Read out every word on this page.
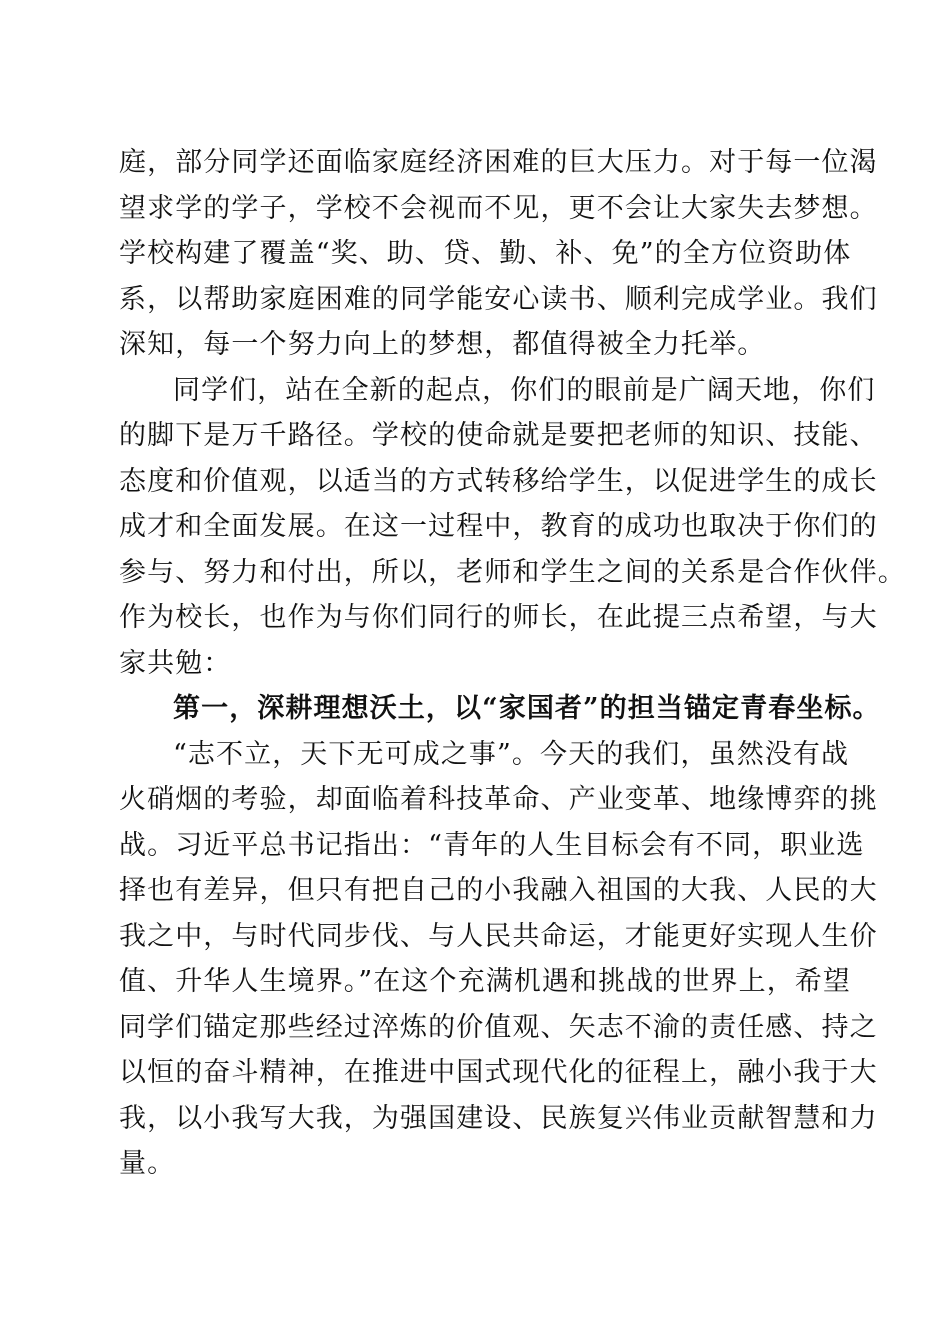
庭，部分同学还面临家庭经济困难的巨大压力。对于每一位渴

望求学的学子，学校不会视而不见，更不会让大家失去梦想。

学校构建了覆盖“奖、助、贷、勤、补、免”的全方位资助体

系，以帮助家庭困难的同学能安心读书、顺利完成学业。我们

深知，每一个努力向上的梦想，都值得被全力托举。

同学们，站在全新的起点，你们的眼前是广阔天地，你们

的脚下是万千路径。学校的使命就是要把老师的知识、技能、

态度和价值观，以适当的方式转移给学生，以促进学生的成长

成才和全面发展。在这一过程中，教育的成功也取决于你们的

参与、努力和付出，所以，老师和学生之间的关系是合作伙伴。

作为校长，也作为与你们同行的师长，在此提三点希望，与大

家共勉：

第一，深耕理想沃土，以“家国者”的担当锚定青春坐标。

“志不立，天下无可成之事”。今天的我们，虽然没有战

火硝烟的考验，却面临着科技革命、产业变革、地缘博弈的挑

战。习近平总书记指出：“青年的人生目标会有不同，职业选

择也有差异，但只有把自己的小我融入祖国的大我、人民的大

我之中，与时代同步伐、与人民共命运，才能更好实现人生价

值、升华人生境界。”在这个充满机遇和挑战的世界上，希望

同学们锚定那些经过淬炼的价值观、矢志不渝的责任感、持之

以恒的奋斗精神，在推进中国式现代化的征程上，融小我于大

我，以小我写大我，为强国建设、民族复兴伟业贡献智慧和力

量。
